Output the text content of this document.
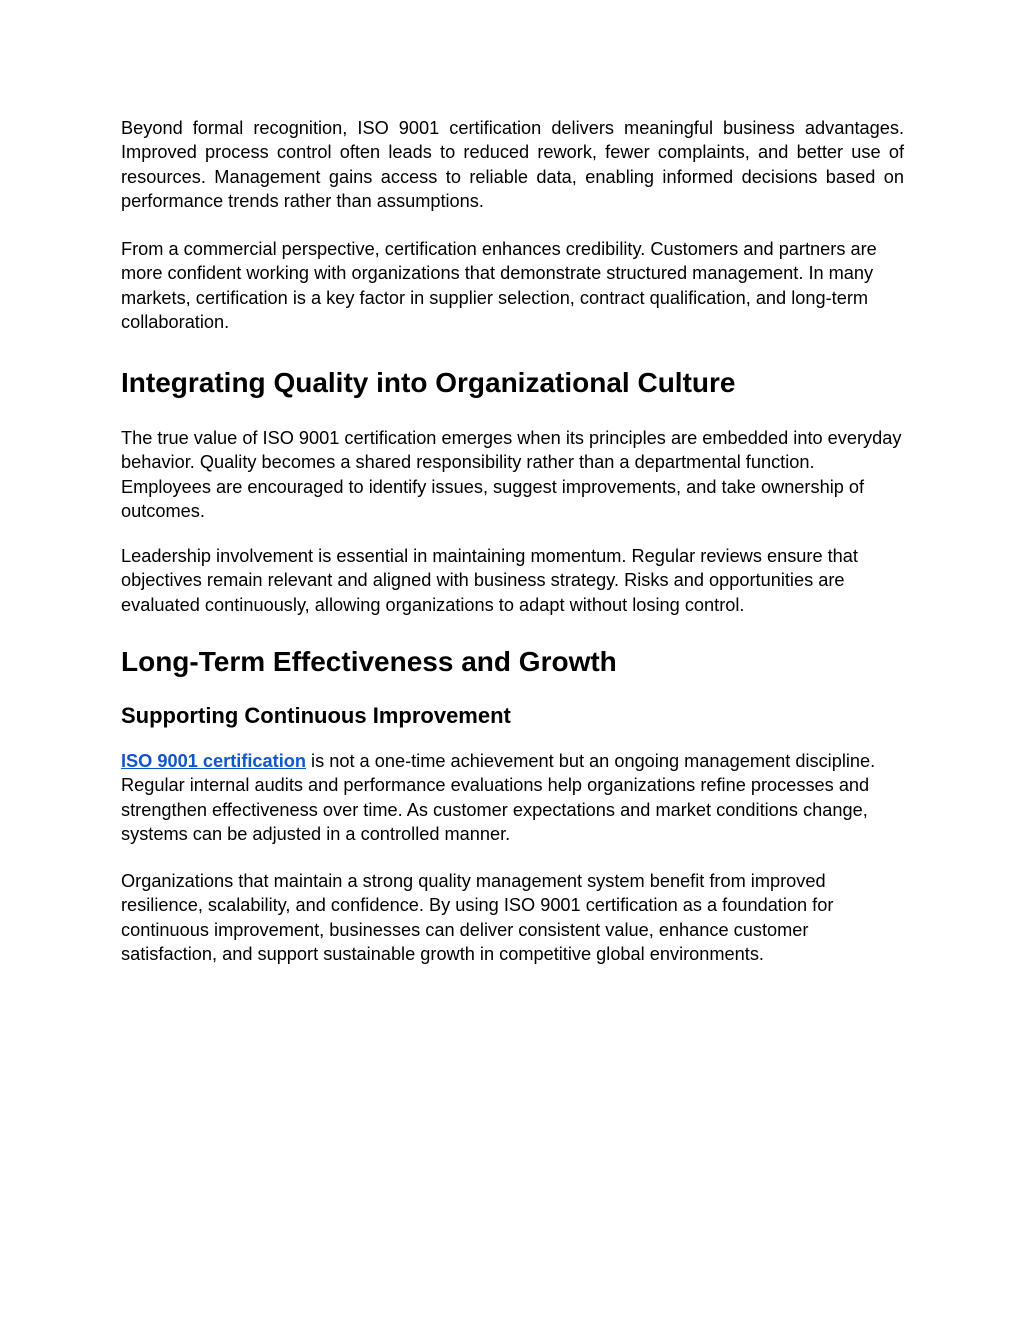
Beyond formal recognition, ISO 9001 certification delivers meaningful business advantages.
Improved process control often leads to reduced rework, fewer complaints, and better use of
resources. Management gains access to reliable data, enabling informed decisions based on
performance trends rather than assumptions.
From a commercial perspective, certification enhances credibility. Customers and partners are
more confident working with organizations that demonstrate structured management. In many
markets, certification is a key factor in supplier selection, contract qualification, and long-term
collaboration.
Integrating Quality into Organizational Culture
The true value of ISO 9001 certification emerges when its principles are embedded into everyday
behavior. Quality becomes a shared responsibility rather than a departmental function.
Employees are encouraged to identify issues, suggest improvements, and take ownership of
outcomes.
Leadership involvement is essential in maintaining momentum. Regular reviews ensure that
objectives remain relevant and aligned with business strategy. Risks and opportunities are
evaluated continuously, allowing organizations to adapt without losing control.
Long-Term Effectiveness and Growth
Supporting Continuous Improvement
ISO 9001 certification is not a one-time achievement but an ongoing management discipline.
Regular internal audits and performance evaluations help organizations refine processes and
strengthen effectiveness over time. As customer expectations and market conditions change,
systems can be adjusted in a controlled manner.
Organizations that maintain a strong quality management system benefit from improved
resilience, scalability, and confidence. By using ISO 9001 certification as a foundation for
continuous improvement, businesses can deliver consistent value, enhance customer
satisfaction, and support sustainable growth in competitive global environments.
